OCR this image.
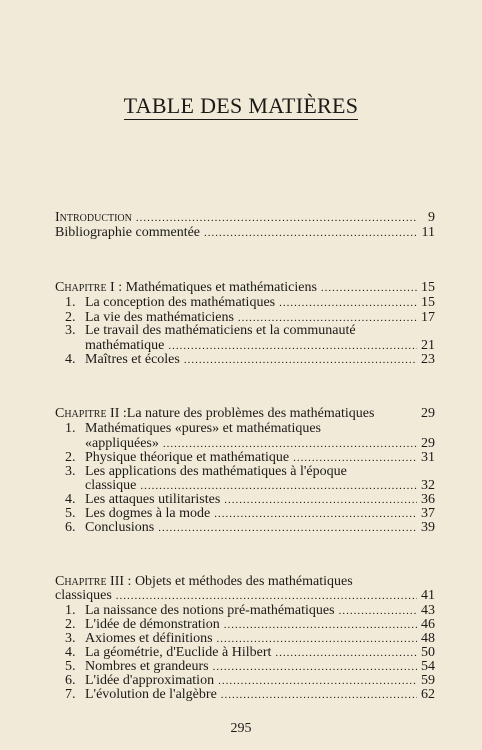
TABLE DES MATIÈRES
Introduction .....	9
Bibliographie commentée .....	11
Chapitre I : Mathématiques et mathématiciens .....	15
1. La conception des mathématiques .....	15
2. La vie des mathématiciens .....	17
3. Le travail des mathématiciens et la communauté
mathématique .....	21
4. Maîtres et écoles .....	23
Chapitre II :La nature des problèmes des mathématiques	29
1. Mathématiques «pures» et mathématiques
«appliquées» .....	29
2. Physique théorique et mathématique .....	31
3. Les applications des mathématiques à l'époque
classique .....	32
4. Les attaques utilitaristes .....	36
5. Les dogmes à la mode .....	37
6. Conclusions .....	39
Chapitre III : Objets et méthodes des mathématiques
classiques .....	41
1. La naissance des notions pré-mathématiques .....	43
2. L'idée de démonstration .....	46
3. Axiomes et définitions .....	48
4. La géométrie, d'Euclide à Hilbert .....	50
5. Nombres et grandeurs .....	54
6. L'idée d'approximation .....	59
7. L'évolution de l'algèbre .....	62
295
